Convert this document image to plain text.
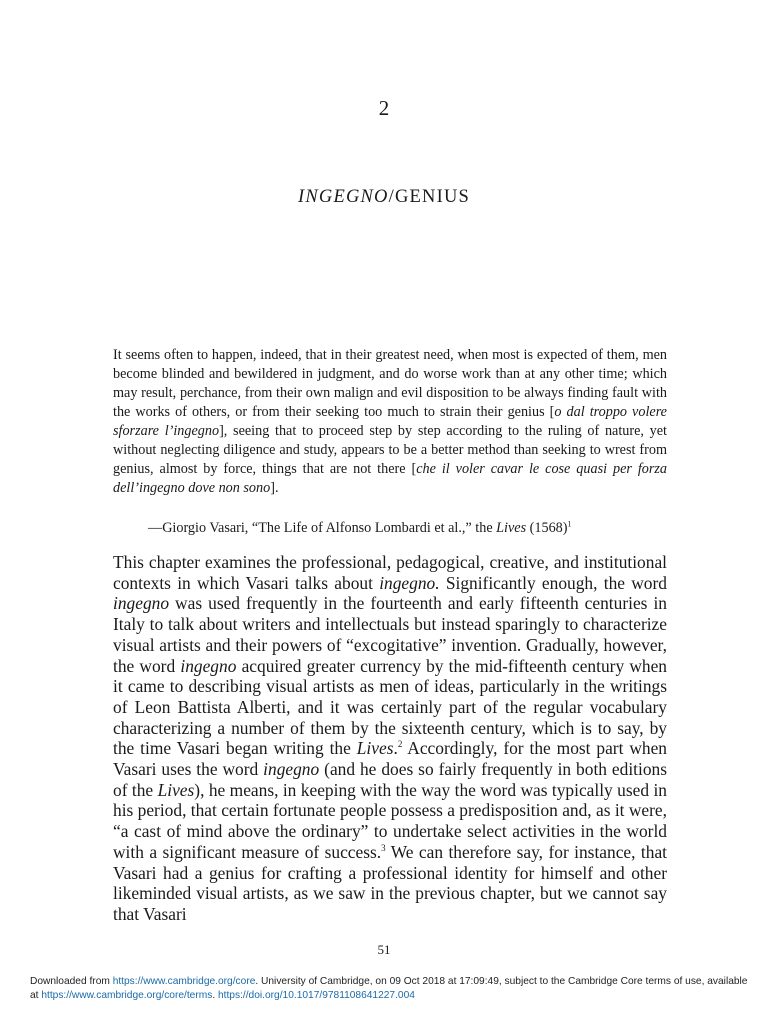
2
INGEGNO/GENIUS

It seems often to happen, indeed, that in their greatest need, when most is expected of them, men become blinded and bewildered in judgment, and do worse work than at any other time; which may result, perchance, from their own malign and evil disposition to be always finding fault with the works of others, or from their seeking too much to strain their genius [o dal troppo volere sforzare l’ingegno], seeing that to proceed step by step according to the ruling of nature, yet without neglecting diligence and study, appears to be a better method than seeking to wrest from genius, almost by force, things that are not there [che il voler cavar le cose quasi per forza dell’ingegno dove non sono].

—Giorgio Vasari, “The Life of Alfonso Lombardi et al.,” the Lives $(1568)^1$

This chapter examines the professional, pedagogical, creative, and institutional contexts in which Vasari talks about ingegno. Significantly enough, the word ingegno was used frequently in the fourteenth and early fifteenth centuries in Italy to talk about writers and intellectuals but instead sparingly to characterize visual artists and their powers of “excogitative” invention. Gradually, however, the word ingegno acquired greater currency by the mid-fifteenth century when it came to describing visual artists as men of ideas, particularly in the writings of Leon Battista Alberti, and it was certainly part of the regular vocabulary characterizing a number of them by the sixteenth century, which is to say, by the time Vasari began writing the Lives.$^2$ Accordingly, for the most part when Vasari uses the word ingegno (and he does so fairly frequently in both editions of the Lives), he means, in keeping with the way the word was typically used in his period, that certain fortunate people possess a predisposition and, as it were, “a cast of mind above the ordinary” to undertake select activities in the world with a significant measure of success.$^3$ We can therefore say, for instance, that Vasari had a genius for crafting a professional identity for himself and other likeminded visual artists, as we saw in the previous chapter, but we cannot say that Vasari

51
Downloaded from https://www.cambridge.org/core. University of Cambridge, on 09 Oct 2018 at 17:09:49, subject to the Cambridge Core terms of use, available at https://www.cambridge.org/core/terms. https://doi.org/10.1017/9781108641227.004
